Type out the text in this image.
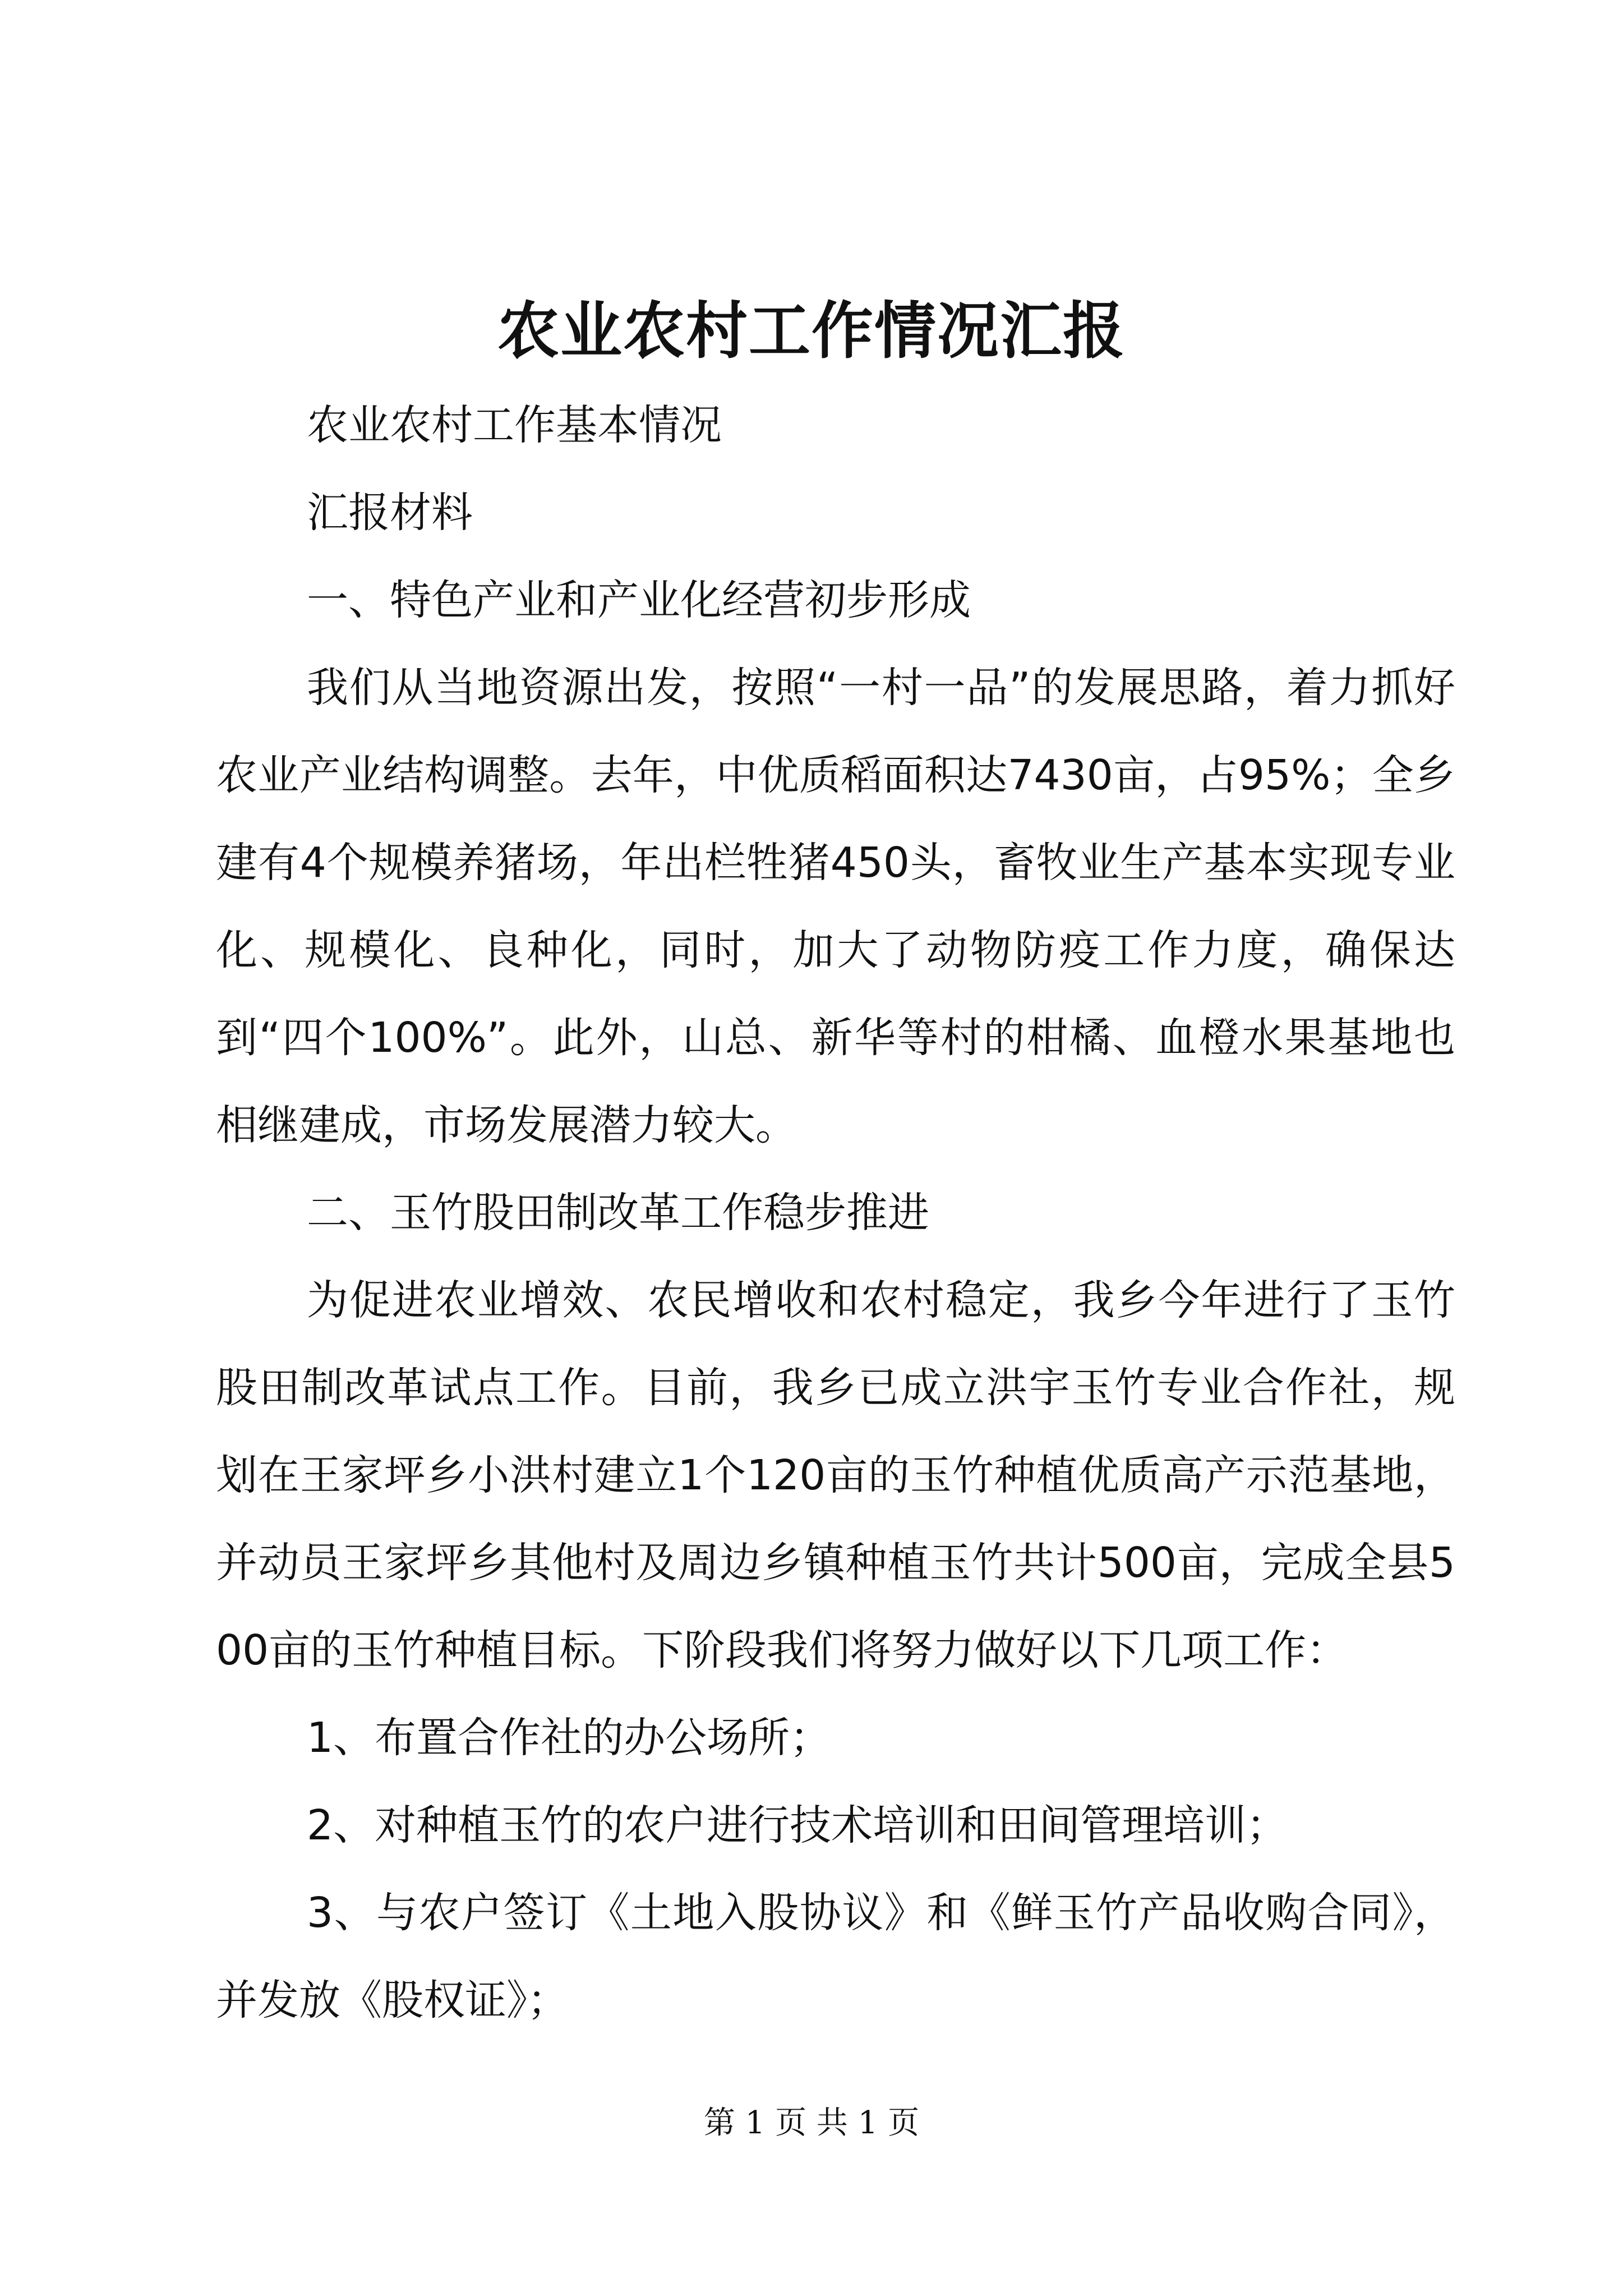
农业农村工作情况汇报

农业农村工作基本情况

汇报材料

一、特色产业和产业化经营初步形成

我们从当地资源出发，按照“一村一品”的发展思路，着力抓好农业产业结构调整。去年，中优质稻面积达7430亩，占95%；全乡建有4个规模养猪场，年出栏牲猪450头，畜牧业生产基本实现专业化、规模化、良种化，同时，加大了动物防疫工作力度，确保达到“四个100%”。此外，山总、新华等村的柑橘、血橙水果基地也相继建成，市场发展潜力较大。

二、玉竹股田制改革工作稳步推进

为促进农业增效、农民增收和农村稳定，我乡今年进行了玉竹股田制改革试点工作。目前，我乡已成立洪宇玉竹专业合作社，规划在王家坪乡小洪村建立1个120亩的玉竹种植优质高产示范基地，并动员王家坪乡其他村及周边乡镇种植玉竹共计500亩，完成全县500亩的玉竹种植目标。下阶段我们将努力做好以下几项工作：

1、布置合作社的办公场所；

2、对种植玉竹的农户进行技术培训和田间管理培训；

3、与农户签订《土地入股协议》和《鲜玉竹产品收购合同》，并发放《股权证》；

第 1 页 共 1 页
